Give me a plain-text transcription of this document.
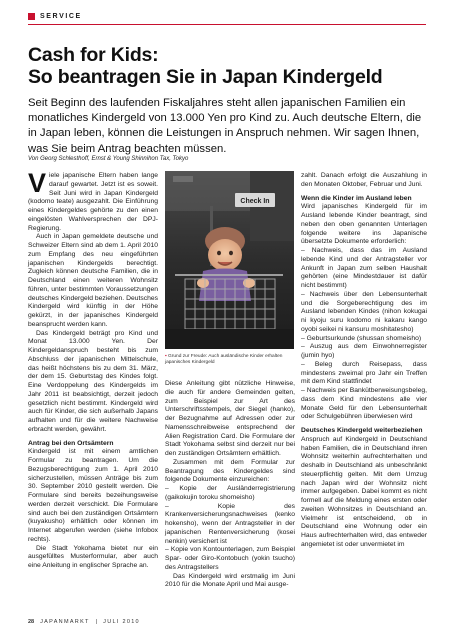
SERVICE
Cash for Kids:
So beantragen Sie in Japan Kindergeld

Seit Beginn des laufenden Fiskaljahres steht allen japanischen Familien ein monatliches Kindergeld von 13.000 Yen pro Kind zu. Auch deutsche Eltern, die in Japan leben, können die Leistungen in Anspruch nehmen. Wir sagen Ihnen, was Sie beim Antrag beachten müssen.

Von Georg Schlesthoff, Ernst & Young Shinnihon Tax, Tokyo

Viele japanische Eltern haben lange darauf gewartet. Jetzt ist es soweit. Seit Juni wird in Japan Kindergeld (kodomo teate) ausgezahlt. Die Einführung eines Kindergeldes gehörte zu den einen eingelösten Wahlversprechen der DPJ-Regierung.

Auch in Japan gemeldete deutsche und Schweizer Eltern sind ab dem 1. April 2010 zum Empfang des neu eingeführten japanischen Kindergelds berechtigt. Zugleich können deutsche Familien, die in Deutschland einen weiteren Wohnsitz führen, unter bestimmten Voraussetzungen deutsches Kindergeld beziehen. Deutsches Kindergeld wird künftig in der Höhe gekürzt, in der japanisches Kindergeld beansprucht werden kann.

Das Kindergeld beträgt pro Kind und Monat 13.000 Yen. Der Kindergeldanspruch besteht bis zum Abschluss der japanischen Mittelschule, das heißt höchstens bis zu dem 31. März, der dem 15. Geburtstag des Kindes folgt. Eine Verdoppelung des Kindergelds im Jahr 2011 ist beabsichtigt, derzeit jedoch gesetzlich nicht bestimmt. Kindergeld wird auch für Kinder, die sich außerhalb Japans aufhalten und für die weitere Nachweise erbracht werden, gewährt.

Antrag bei den Ortsämtern

Kindergeld ist mit einem amtlichen Formular zu beantragen. Um die Bezugsberechtigung zum 1. April 2010 sicherzustellen, müssen Anträge bis zum 30. September 2010 gestellt werden. Die Formulare sind bereits bezeihungsweise werden derzeit verschickt. Die Formulare sind auch bei den zuständigen Ortsämtern (kuyakusho) erhältlich oder können im Internet abgerufen werden (siehe Infobox rechts).

Die Stadt Yokohama bietet nur ein ausgefülltes Musterformular, aber auch eine Anleitung in englischer Sprache an.

Check In
▪ Grund zur Freude: Auch ausländische Kinder erhalten japanisches Kindergeld

Diese Anleitung gibt nützliche Hinweise, die auch für andere Gemeinden gelten, zum Beispiel zur Art des Unterschriftsstempels, der Siegel (hanko), der Bezugnahme auf Adressen oder zur Namensschreibweise entsprechend der Alien Registration Card. Die Formulare der Stadt Yokohama selbst sind derzeit nur bei den zuständigen Ortsämtern erhältlich.

Zusammen mit dem Formular zur Beantragung des Kindergeldes sind folgende Dokumente einzureichen:

– Kopie der Ausländerregistrierung (gaikokujin toroku shomeisho)

– Kopie des Krankenversicherungsnachweises (kenko hokensho), wenn der Antragsteller in der japanischen Rentenversicherung (kosei nenkin) versichert ist

– Kopie von Kontounterlagen, zum Beispiel Spar- oder Giro-Kontobuch (yokin tsucho) des Antragstellers

Das Kindergeld wird erstmalig im Juni 2010 für die Monate April und Mai ausge-

zahlt. Danach erfolgt die Auszahlung in den Monaten Oktober, Februar und Juni.

Wenn die Kinder im Ausland leben

Wird japanisches Kindergeld für im Ausland lebende Kinder beantragt, sind neben den oben genannten Unterlagen folgende weitere ins Japanische übersetzte Dokumente erforderlich:

– Nachweis, dass das im Ausland lebende Kind und der Antragsteller vor Ankunft in Japan zum selben Haushalt gehörten (eine Mindestdauer ist dafür nicht bestimmt)

– Nachweis über den Lebensunterhalt und die Sorgeberechtigung des im Ausland lebenden Kindes (nihon kokugai ni kyoju suru kodomo ni kakaru kango oyobi seikei ni kansuru moshitatesho)

– Geburtsurkunde (shussan shomeisho)

– Auszug aus dem Einwohnerregister (jumin hyo)

– Beleg durch Reisepass, dass mindestens zweimal pro Jahr ein Treffen mit dem Kind stattfindet

– Nachweis per Bankütberweisungsbeleg, dass dem Kind mindestens alle vier Monate Geld für den Lebensunterhalt oder Schulgebühren überwiesen wird

Deutsches Kindergeld weiterbeziehen

Anspruch auf Kindergeld in Deutschland haben Familien, die in Deutschland ihren Wohnsitz weiterhin aufrechterhalten und deshalb in Deutschland als unbeschränkt steuerpflichtig gelten. Mit dem Umzug nach Japan wird der Wohnsitz nicht immer aufgegeben. Dabei kommt es nicht formell auf die Meldung eines ersten oder zweiten Wohnsitzes in Deutschland an. Vielmehr ist entscheidend, ob in Deutschland eine Wohnung oder ein Haus aufrechterhalten wird, das entweder angemietet ist oder unvermietet im

28 JAPANMARKT | JULI 2010
